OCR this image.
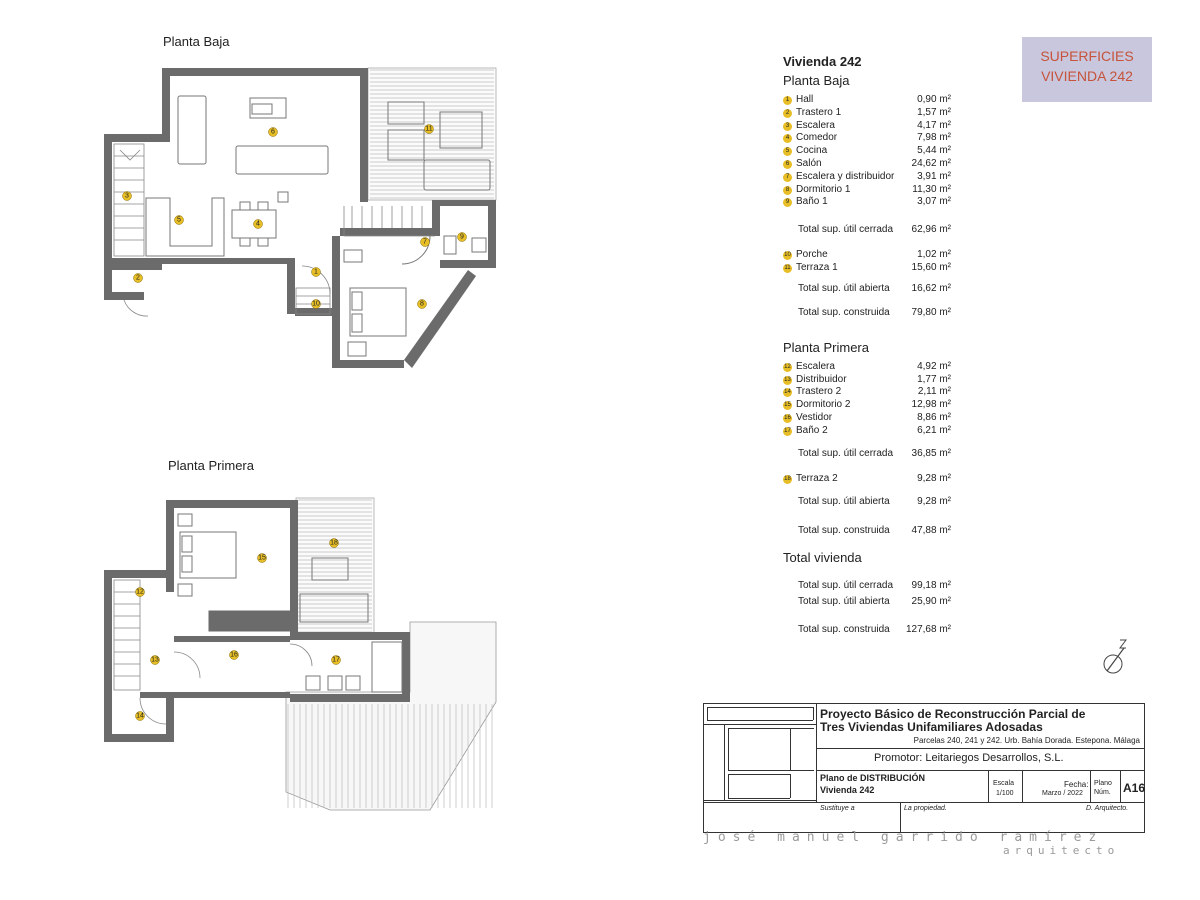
Planta Baja
Planta Primera
1
2
3
4
5
6
7
8
9
10
11
12
13
14
15
16
17
18
SUPERFICIES
VIVIENDA 242
Vivienda 242
Planta Baja
1 Hall	0,90 m²
2 Trastero 1	1,57 m²
3 Escalera	4,17 m²
4 Comedor	7,98 m²
5 Cocina	5,44 m²
6 Salón	24,62 m²
7 Escalera y distribuidor 3,91 m²
8 Dormitorio 1	11,30 m²
9 Baño 1	3,07 m²
Total sup. útil cerrada 62,96 m²
10 Porche	1,02 m²
11 Terraza 1	15,60 m²
Total sup. útil abierta 16,62 m²
Total sup. construida 79,80 m²
Planta Primera
12 Escalera	4,92 m²
13 Distribuidor	1,77 m²
14 Trastero 2	2,11 m²
15 Dormitorio 2	12,98 m²
16 Vestidor	8,86 m²
17 Baño 2	6,21 m²
Total sup. útil cerrada 36,85 m²
18 Terraza 2	9,28 m²
Total sup. útil abierta	9,28 m²
Total sup. construida 47,88 m²
Total vivienda
Total sup. útil cerrada 99,18 m²
Total sup. útil abierta 25,90 m²
Total sup. construida 127,68 m²
Proyecto Básico de Reconstrucción Parcial de
Tres Viviendas Unifamiliares Adosadas
Parcelas 240, 241 y 242. Urb. Bahía Dorada. Estepona. Málaga
Promotor: Leitariegos Desarrollos, S.L.
Plano de DISTRIBUCIÓN
Vivienda 242
Escala
1/100
Fecha:
Marzo / 2022
Plano
Núm. A16
Sustituye a	La propiedad.	D. Arquitecto.
josé manuel garrido ramírez
arquitecto
